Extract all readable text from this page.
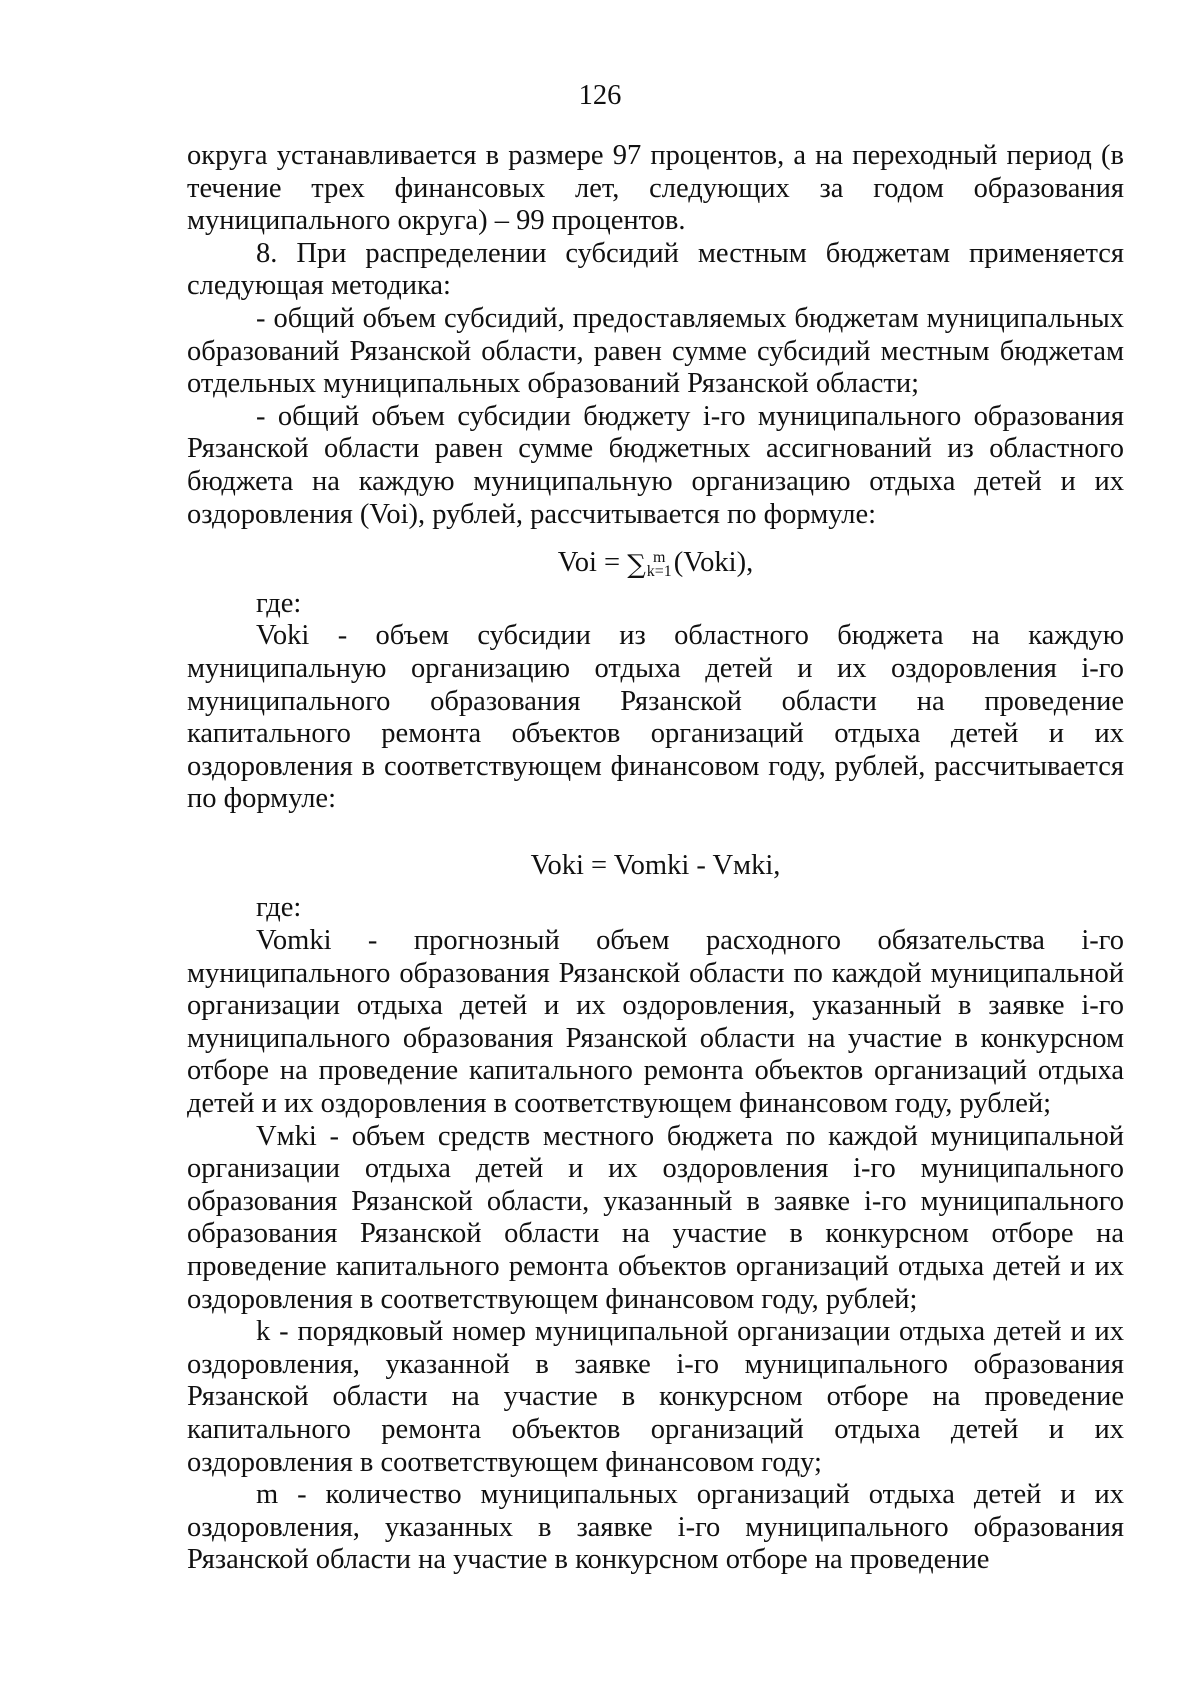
126

округа устанавливается в размере 97 процентов, а на переходный период (в течение трех финансовых лет, следующих за годом образования муниципального округа) – 99 процентов.

8. При распределении субсидий местным бюджетам применяется следующая методика:

- общий объем субсидий, предоставляемых бюджетам муниципальных образований Рязанской области, равен сумме субсидий местным бюджетам отдельных муниципальных образований Рязанской области;

- общий объем субсидии бюджету i-го муниципального образования Рязанской области равен сумме бюджетных ассигнований из областного бюджета на каждую муниципальную организацию отдыха детей и их оздоровления (Voi), рублей, рассчитывается по формуле:

Voi = ∑ m
k=1 (Voki),

где:

Voki - объем субсидии из областного бюджета на каждую муниципальную организацию отдыха детей и их оздоровления i-го муниципального образования Рязанской области на проведение капитального ремонта объектов организаций отдыха детей и их оздоровления в соответствующем финансовом году, рублей, рассчитывается по формуле:

Voki = Vomki - Vмki,

где:

Vomki - прогнозный объем расходного обязательства i-го муниципального образования Рязанской области по каждой муниципальной организации отдыха детей и их оздоровления, указанный в заявке i-го муниципального образования Рязанской области на участие в конкурсном отборе на проведение капитального ремонта объектов организаций отдыха детей и их оздоровления в соответствующем финансовом году, рублей;

Vмki - объем средств местного бюджета по каждой муниципальной организации отдыха детей и их оздоровления i-го муниципального образования Рязанской области, указанный в заявке i-го муниципального образования Рязанской области на участие в конкурсном отборе на проведение капитального ремонта объектов организаций отдыха детей и их оздоровления в соответствующем финансовом году, рублей;

k - порядковый номер муниципальной организации отдыха детей и их оздоровления, указанной в заявке i-го муниципального образования Рязанской области на участие в конкурсном отборе на проведение капитального ремонта объектов организаций отдыха детей и их оздоровления в соответствующем финансовом году;

m - количество муниципальных организаций отдыха детей и их оздоровления, указанных в заявке i-го муниципального образования Рязанской области на участие в конкурсном отборе на проведение
